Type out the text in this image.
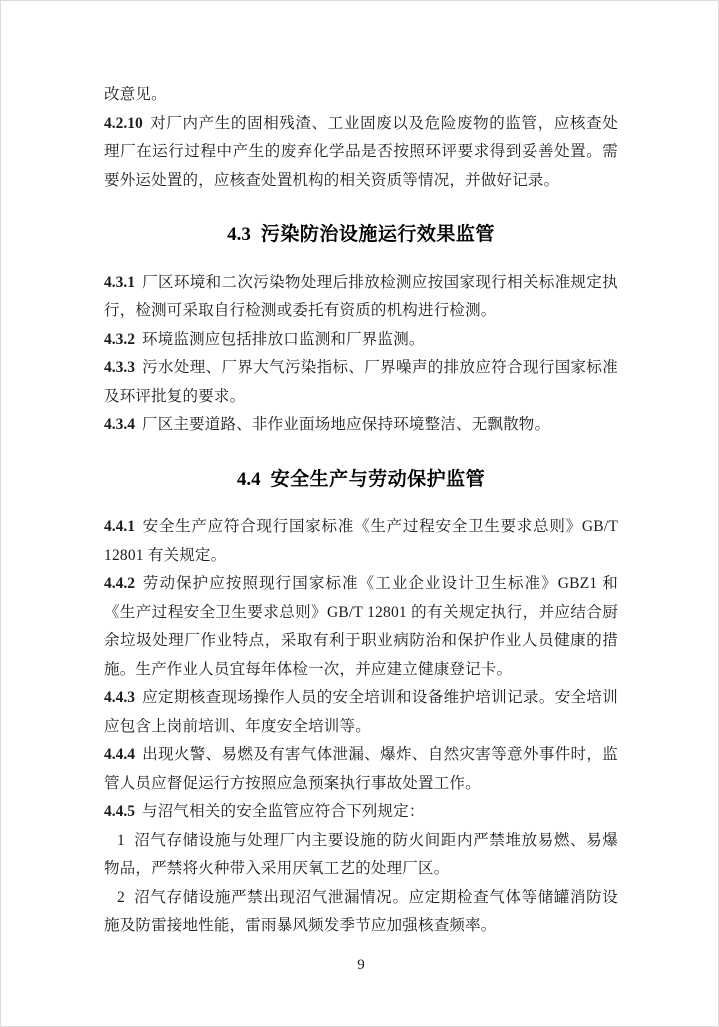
改意见。

4.2.10 对厂内产生的固相残渣、工业固废以及危险废物的监管，应核查处理厂在运行过程中产生的废弃化学品是否按照环评要求得到妥善处置。需要外运处置的，应核查处置机构的相关资质等情况，并做好记录。

4.3 污染防治设施运行效果监管

4.3.1 厂区环境和二次污染物处理后排放检测应按国家现行相关标准规定执行，检测可采取自行检测或委托有资质的机构进行检测。

4.3.2 环境监测应包括排放口监测和厂界监测。

4.3.3 污水处理、厂界大气污染指标、厂界噪声的排放应符合现行国家标准及环评批复的要求。

4.3.4 厂区主要道路、非作业面场地应保持环境整洁、无飘散物。

4.4 安全生产与劳动保护监管

4.4.1 安全生产应符合现行国家标准《生产过程安全卫生要求总则》GB/T 12801 有关规定。

4.4.2 劳动保护应按照现行国家标准《工业企业设计卫生标准》GBZ1 和《生产过程安全卫生要求总则》GB/T 12801 的有关规定执行，并应结合厨余垃圾处理厂作业特点，采取有利于职业病防治和保护作业人员健康的措施。生产作业人员宜每年体检一次，并应建立健康登记卡。

4.4.3 应定期核查现场操作人员的安全培训和设备维护培训记录。安全培训应包含上岗前培训、年度安全培训等。

4.4.4 出现火警、易燃及有害气体泄漏、爆炸、自然灾害等意外事件时，监管人员应督促运行方按照应急预案执行事故处置工作。

4.4.5 与沼气相关的安全监管应符合下列规定：

1 沼气存储设施与处理厂内主要设施的防火间距内严禁堆放易燃、易爆物品，严禁将火种带入采用厌氧工艺的处理厂区。

2 沼气存储设施严禁出现沼气泄漏情况。应定期检查气体等储罐消防设施及防雷接地性能，雷雨暴风频发季节应加强核查频率。

9
